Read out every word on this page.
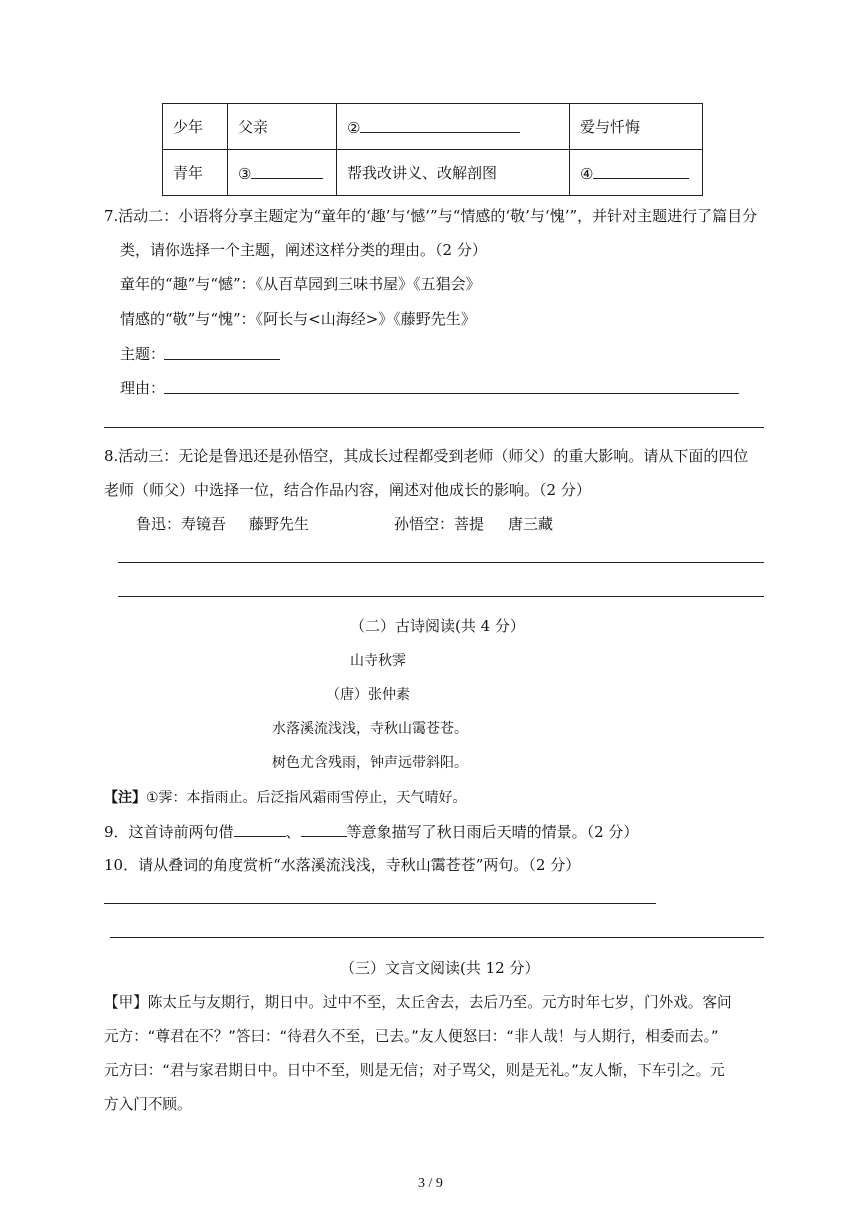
少年	父亲	②	爱与忏悔
青年	③	帮我改讲义、改解剖图	④
7.活动二：小语将分享主题定为“童年的‘趣’与‘憾’”与“情感的‘敬’与‘愧’”，并针对主题进行了篇目分
类，请你选择一个主题，阐述这样分类的理由。（2 分）
童年的“趣”与“憾”：《从百草园到三味书屋》《五猖会》
情感的“敬”与“愧”：《阿长与<山海经>》《藤野先生》
主题：
理由：
8.活动三：无论是鲁迅还是孙悟空，其成长过程都受到老师（师父）的重大影响。请从下面的四位
老师（师父）中选择一位，结合作品内容，阐述对他成长的影响。（2 分）
鲁迅：寿镜吾 藤野先生	孙悟空：菩提 唐三藏
（二）古诗阅读(共 4 分）
山寺秋霁
（唐）张仲素
水落溪流浅浅，寺秋山霭苍苍。
树色尤含残雨，钟声远带斜阳。
【注】①霁：本指雨止。后泛指风霜雨雪停止，天气晴好。
9．这首诗前两句借	、	等意象描写了秋日雨后天晴的情景。（2 分）
10．请从叠词的角度赏析“水落溪流浅浅，寺秋山霭苍苍”两句。（2 分）
（三）文言文阅读(共 12 分）
【甲】陈太丘与友期行，期日中。过中不至，太丘舍去，去后乃至。元方时年七岁，门外戏。客问
元方：“尊君在不？”答曰：“待君久不至，已去。”友人便怒曰：“非人哉！与人期行，相委而去。”
元方曰：“君与家君期日中。日中不至，则是无信；对子骂父，则是无礼。”友人惭，下车引之。元
方入门不顾。
3 / 9
